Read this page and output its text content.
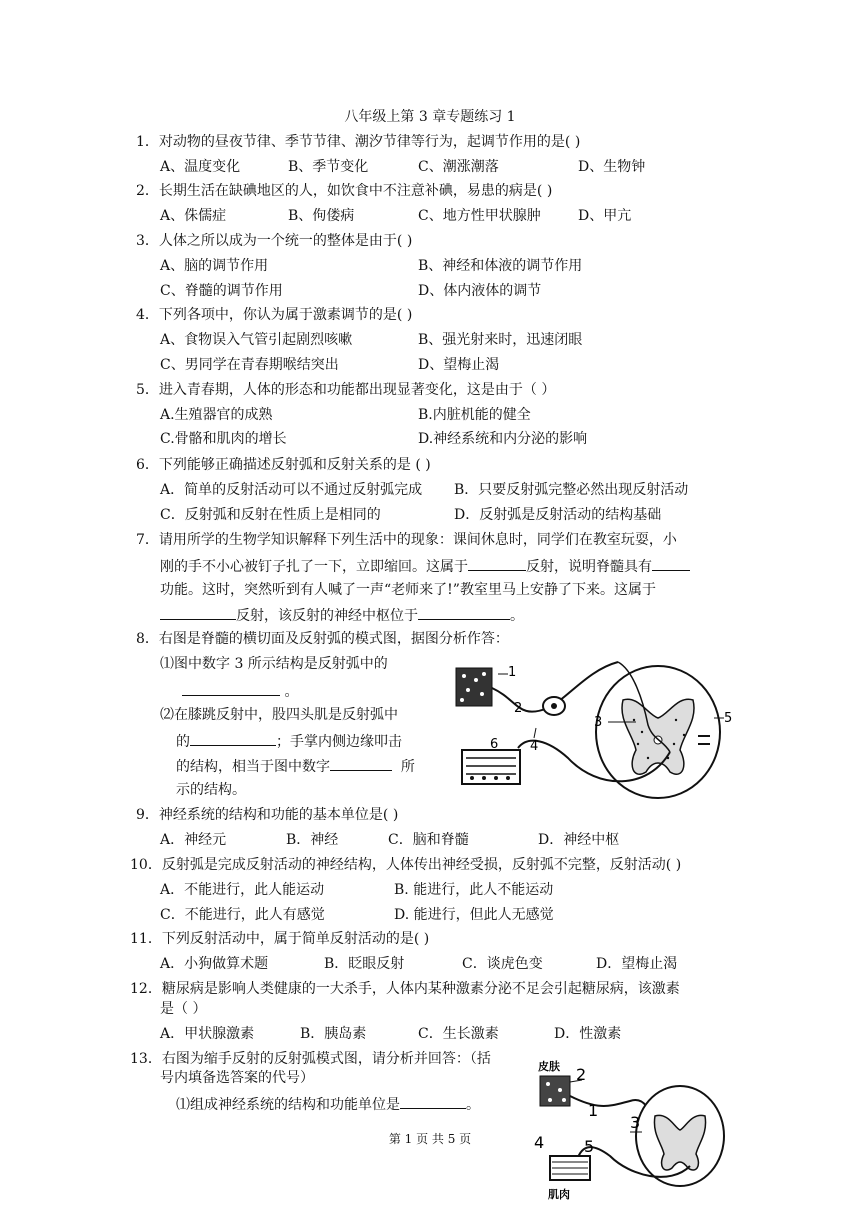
八年级上第 3 章专题练习 1
1．对动物的昼夜节律、季节节律、潮汐节律等行为，起调节作用的是( )
A、温度变化	B、季节变化	C、潮涨潮落	D、生物钟
2．长期生活在缺碘地区的人，如饮食中不注意补碘，易患的病是( )
A、侏儒症	B、佝偻病	C、地方性甲状腺肿	D、甲亢
3．人体之所以成为一个统一的整体是由于( )
A、脑的调节作用	B、神经和体液的调节作用
C、脊髓的调节作用	D、体内液体的调节
4．下列各项中，你认为属于激素调节的是( )
A、食物误入气管引起剧烈咳嗽	B、强光射来时，迅速闭眼
C、男同学在青春期喉结突出	D、望梅止渴
5．进入青春期，人体的形态和功能都出现显著变化，这是由于（ ）
A.生殖器官的成熟	B.内脏机能的健全
C.骨骼和肌肉的增长	D.神经系统和内分泌的影响
6．下列能够正确描述反射弧和反射关系的是 ( )
A．简单的反射活动可以不通过反射弧完成 B．只要反射弧完整必然出现反射活动
C．反射弧和反射在性质上是相同的	D．反射弧是反射活动的结构基础
7．请用所学的生物学知识解释下列生活中的现象：课间休息时，同学们在教室玩耍，小
刚的手不小心被钉子扎了一下，立即缩回。这属于	反射，说明脊髓具有
功能。这时，突然听到有人喊了一声“老师来了!”教室里马上安静了下来。这属于
反射，该反射的神经中枢位于	。
8．右图是脊髓的横切面及反射弧的模式图，据图分析作答：
⑴图中数字 3 所示结构是反射弧中的
。
⑵在膝跳反射中，股四头肌是反射弧中
的	；手掌内侧边缘叩击
的结构，相当于图中数字	所
示的结构。
1
2
3
4
5
6
9．神经系统的结构和功能的基本单位是( )
A．神经元	B．神经	C．脑和脊髓	D．神经中枢
10．反射弧是完成反射活动的神经结构，人体传出神经受损，反射弧不完整，反射活动( )
A．不能进行，此人能运动	B. 能进行，此人不能运动
C．不能进行，此人有感觉	D. 能进行，但此人无感觉
11．下列反射活动中，属于简单反射活动的是( )
A．小狗做算术题	B．眨眼反射	C．谈虎色变	D．望梅止渴
12．糖尿病是影响人类健康的一大杀手，人体内某种激素分泌不足会引起糖尿病，该激素
是（ ）
A．甲状腺激素	B．胰岛素	C．生长激素	D．性激素
13．右图为缩手反射的反射弧模式图，请分析并回答：（括
号内填备选答案的代号）
⑴组成神经系统的结构和功能单位是	。
皮肤 2
1
3
5
4
肌肉
第 1 页 共 5 页
